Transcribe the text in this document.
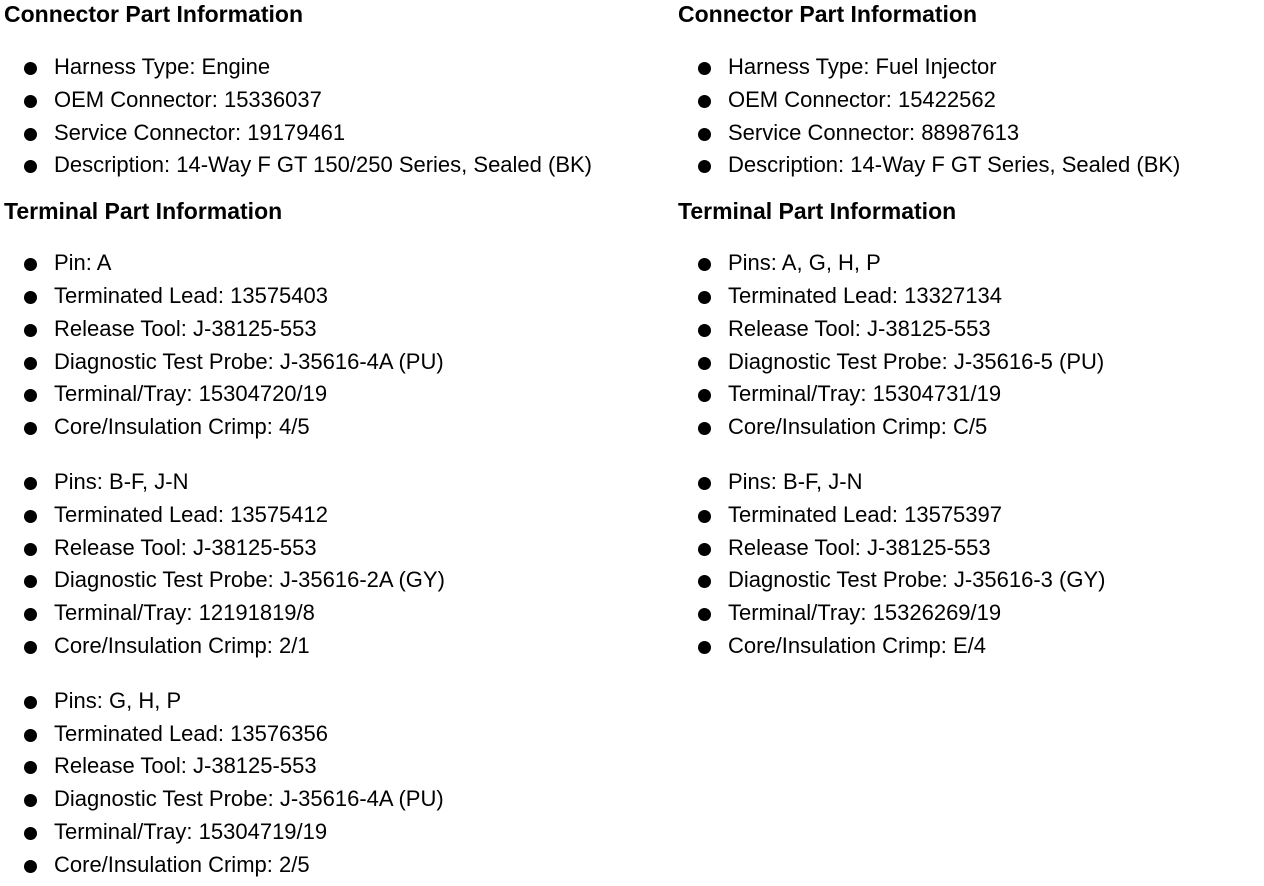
Connector Part Information
Harness Type: Engine
OEM Connector: 15336037
Service Connector: 19179461
Description: 14-Way F GT 150/250 Series, Sealed (BK)
Terminal Part Information
Pin: A
Terminated Lead: 13575403
Release Tool: J-38125-553
Diagnostic Test Probe: J-35616-4A (PU)
Terminal/Tray: 15304720/19
Core/Insulation Crimp: 4/5
Pins: B-F, J-N
Terminated Lead: 13575412
Release Tool: J-38125-553
Diagnostic Test Probe: J-35616-2A (GY)
Terminal/Tray: 12191819/8
Core/Insulation Crimp: 2/1
Pins: G, H, P
Terminated Lead: 13576356
Release Tool: J-38125-553
Diagnostic Test Probe: J-35616-4A (PU)
Terminal/Tray: 15304719/19
Core/Insulation Crimp: 2/5
Connector Part Information
Harness Type: Fuel Injector
OEM Connector: 15422562
Service Connector: 88987613
Description: 14-Way F GT Series, Sealed (BK)
Terminal Part Information
Pins: A, G, H, P
Terminated Lead: 13327134
Release Tool: J-38125-553
Diagnostic Test Probe: J-35616-5 (PU)
Terminal/Tray: 15304731/19
Core/Insulation Crimp: C/5
Pins: B-F, J-N
Terminated Lead: 13575397
Release Tool: J-38125-553
Diagnostic Test Probe: J-35616-3 (GY)
Terminal/Tray: 15326269/19
Core/Insulation Crimp: E/4
